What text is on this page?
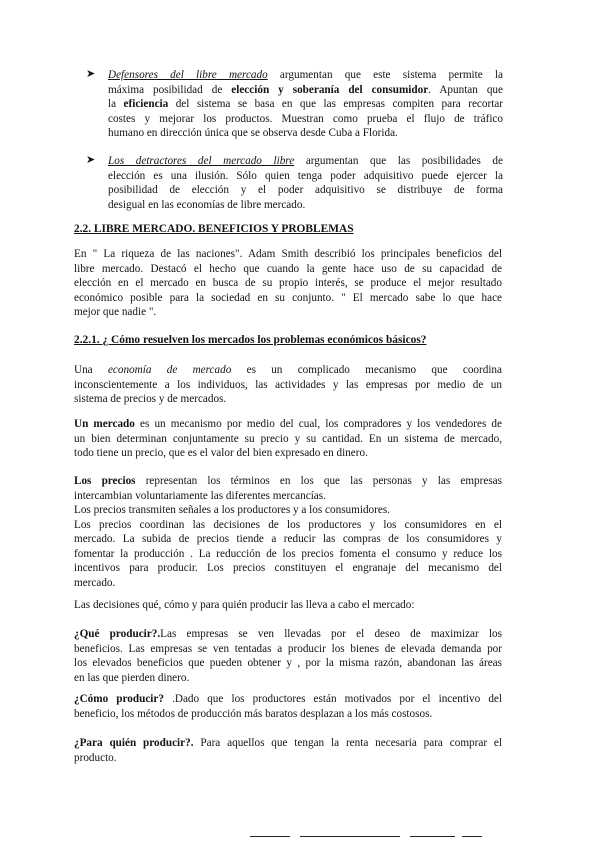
➤ Defensores del libre mercado argumentan que este sistema permite la
máxima posibilidad de elección y soberanía del consumidor. Apuntan que
la eficiencia del sistema se basa en que las empresas compiten para recortar
costes y mejorar los productos. Muestran como prueba el flujo de tráfico
humano en dirección única que se observa desde Cuba a Florida.
➤ Los detractores del mercado libre argumentan que las posibilidades de
elección es una ilusión. Sólo quien tenga poder adquisitivo puede ejercer la
posibilidad de elección y el poder adquisitivo se distribuye de forma
desigual en las economías de libre mercado.
2.2. LIBRE MERCADO. BENEFICIOS Y PROBLEMAS
En " La riqueza de las naciones". Adam Smith describió los principales beneficios del
libre mercado. Destacó el hecho que cuando la gente hace uso de su capacidad de
elección en el mercado en busca de su propio interés, se produce el mejor resultado
económico posible para la sociedad en su conjunto. " El mercado sabe lo que hace
mejor que nadie ".
2.2.1. ¿ Cómo resuelven los mercados los problemas económicos básicos?
Una economía de mercado es un complicado mecanismo que coordina
inconscientemente a los individuos, las actividades y las empresas por medio de un
sistema de precios y de mercados.
Un mercado es un mecanismo por medio del cual, los compradores y los vendedores de
un bien determinan conjuntamente su precio y su cantidad. En un sistema de mercado,
todo tiene un precio, que es el valor del bien expresado en dinero.
Los precios representan los términos en los que las personas y las empresas
intercambian voluntariamente las diferentes mercancías.
Los precios transmiten señales a los productores y a los consumidores.
Los precios coordinan las decisiones de los productores y los consumidores en el
mercado. La subida de precios tiende a reducir las compras de los consumidores y
fomentar la producción . La reducción de los precios fomenta el consumo y reduce los
incentivos para producir. Los precios constituyen el engranaje del mecanismo del
mercado.
Las decisiones qué, cómo y para quién producir las lleva a cabo el mercado:
¿Qué producir?.Las empresas se ven llevadas por el deseo de maximizar los
beneficios. Las empresas se ven tentadas a producir los bienes de elevada demanda por
los elevados beneficios que pueden obtener y , por la misma razón, abandonan las áreas
en las que pierden dinero.
¿Cómo producir? .Dado que los productores están motivados por el incentivo del
beneficio, los métodos de producción más baratos desplazan a los más costosos.
¿Para quién producir?. Para aquellos que tengan la renta necesaria para comprar el
producto.
